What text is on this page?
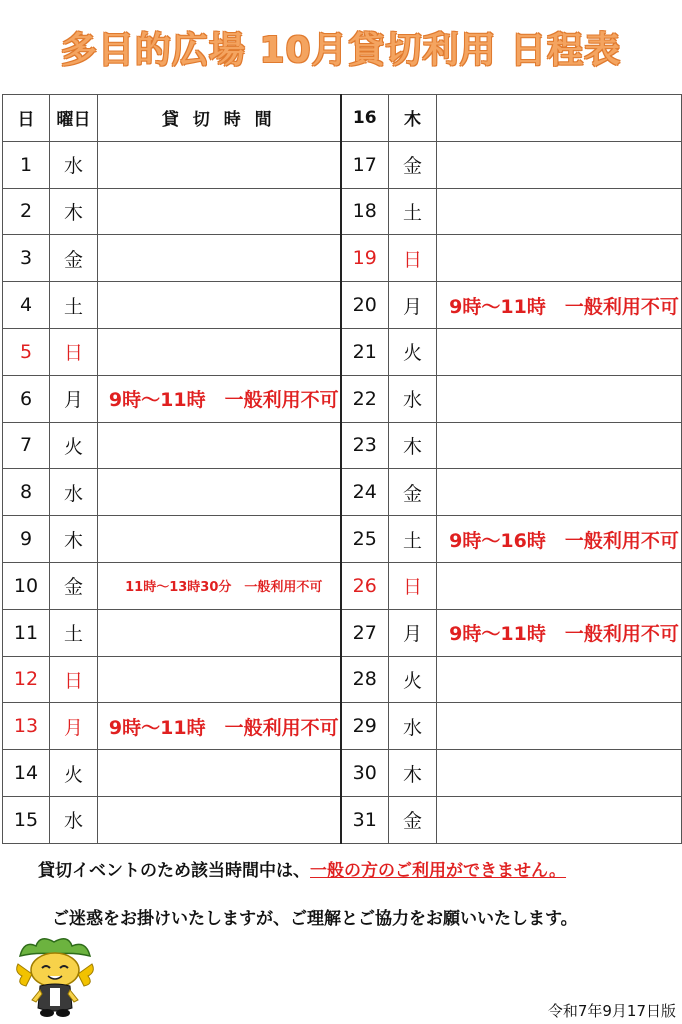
多目的広場 10月貸切利用 日程表
日	曜日	貸 切 時 間	16	木	
1	水		17	金	
2	木		18	土	
3	金		19	日	
4	土		20	月	9時～11時　一般利用不可
5	日		21	火	
6	月	9時～11時　一般利用不可	22	水	
7	火		23	木	
8	水		24	金	
9	木		25	土	9時～16時　一般利用不可
10	金	11時～13時30分　一般利用不可	26	日	
11	土		27	月	9時～11時　一般利用不可
12	日		28	火	
13	月	9時～11時　一般利用不可	29	水	
14	火		30	木	
15	水		31	金	
貸切イベントのため該当時間中は、一般の方のご利用ができません。
ご迷惑をお掛けいたしますが、ご理解とご協力をお願いいたします。
令和7年9月17日版
